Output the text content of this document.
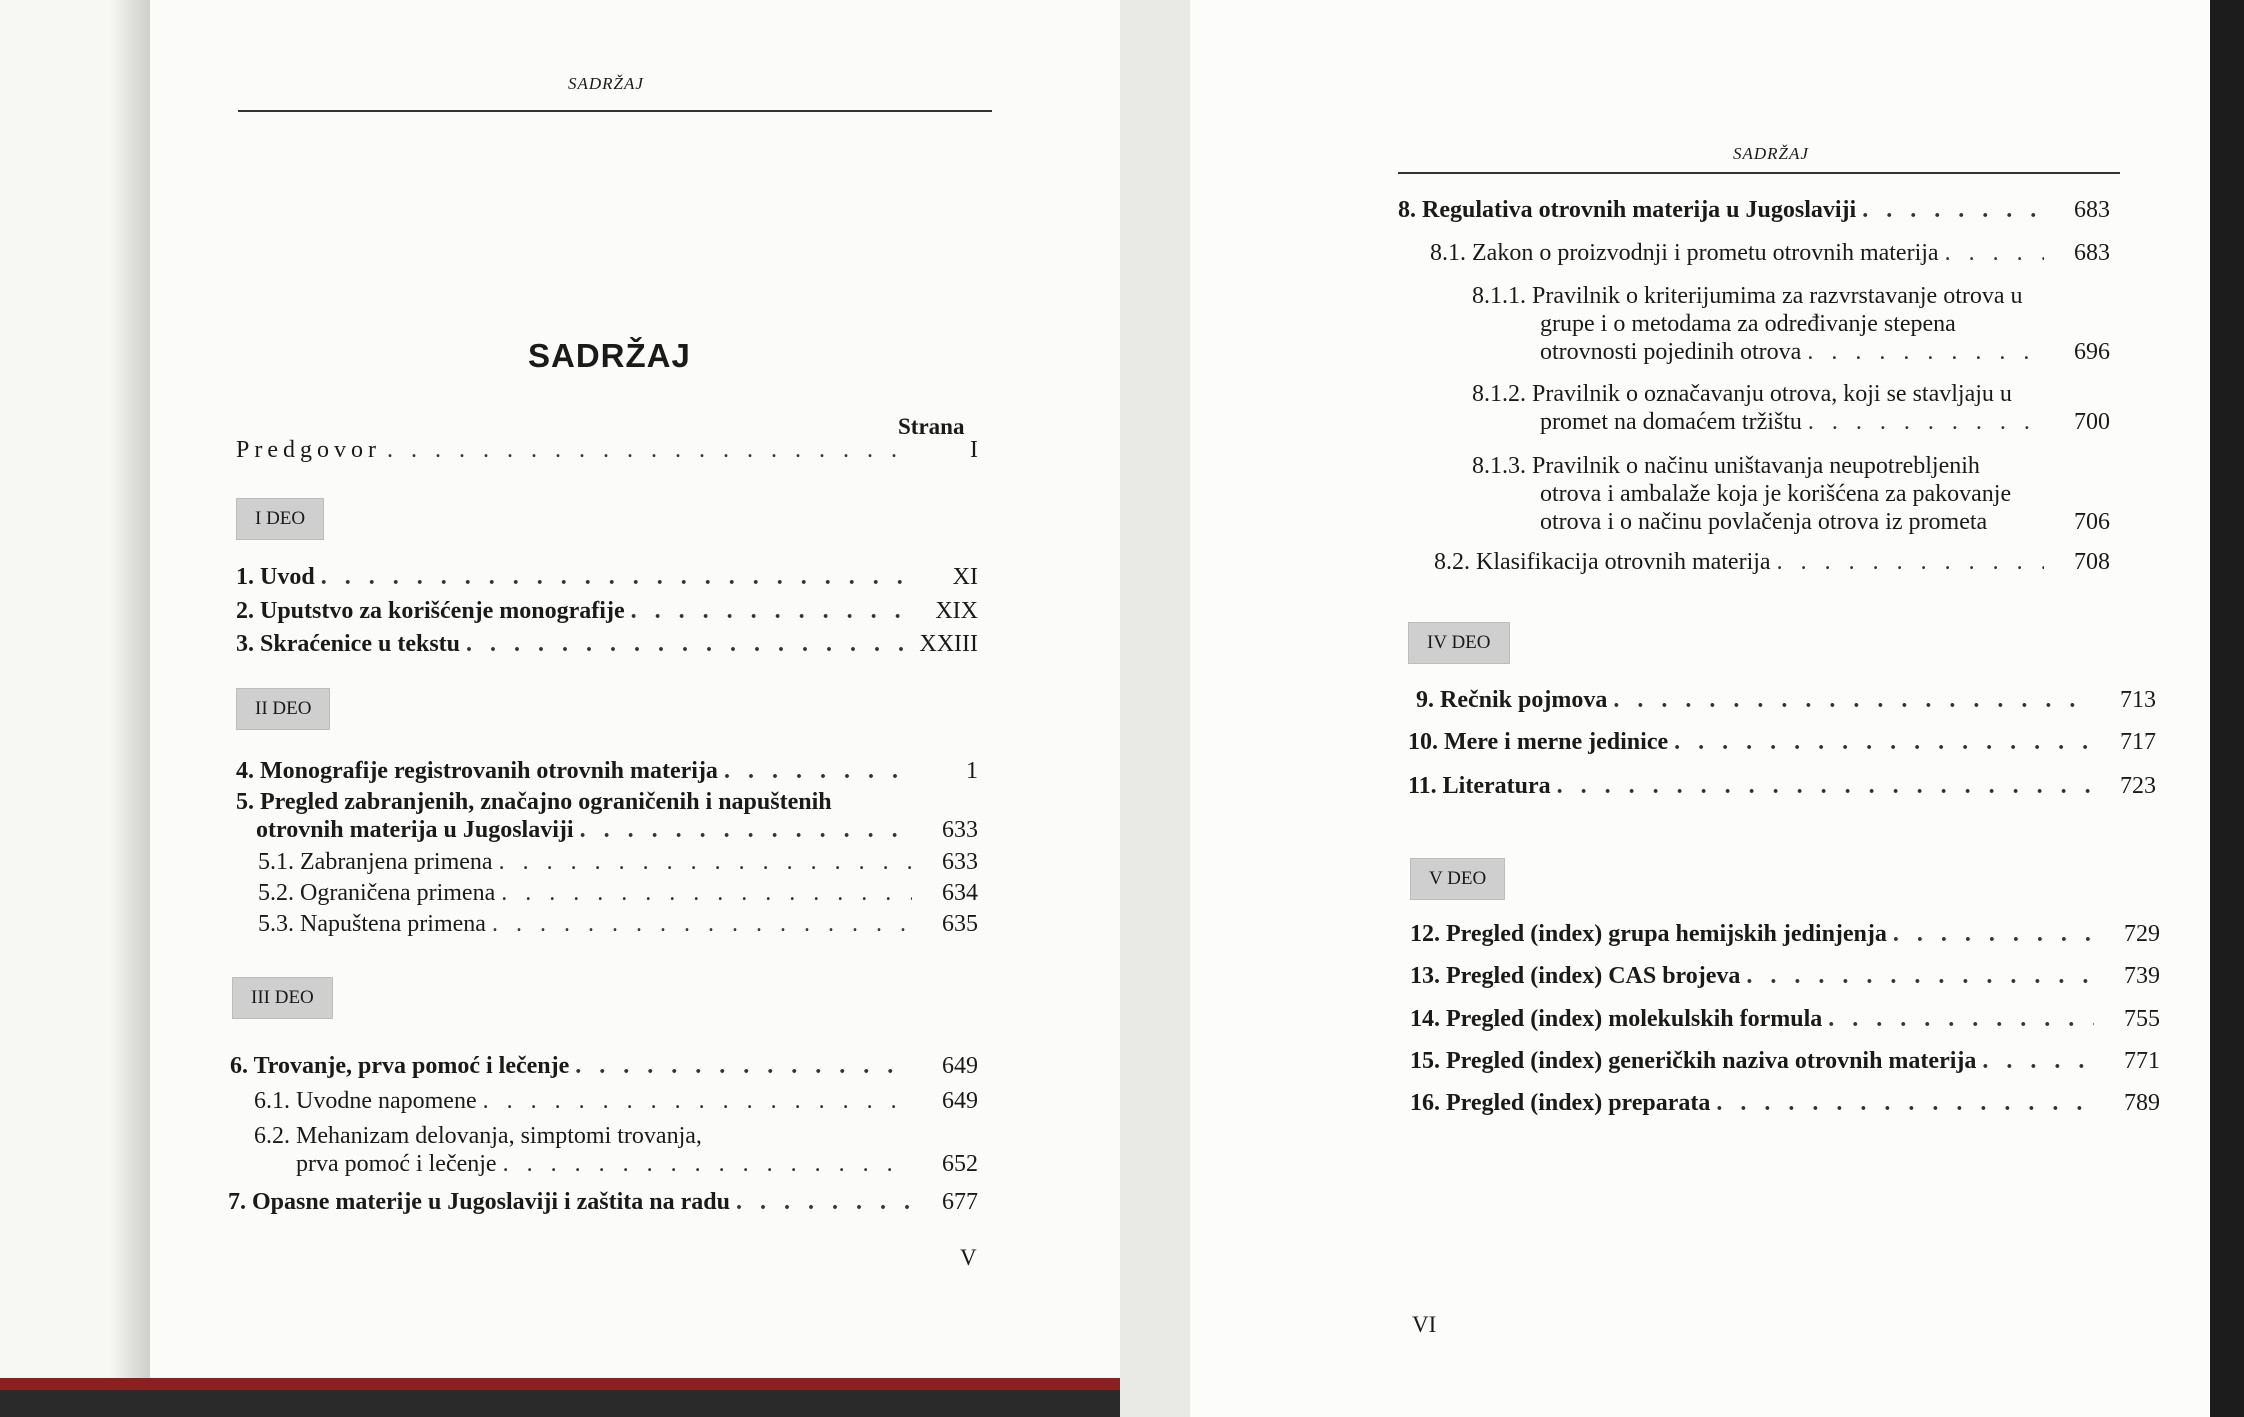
SADRŽAJ
SADRŽAJ
Strana
Predgovor . . .	I
I DEO
1. Uvod . . .	XI
2. Uputstvo za korišćenje monografije . . .	XIX
3. Skraćenice u tekstu . . .	XXIII
II DEO
4. Monografije registrovanih otrovnih materija . . .	1
5. Pregled zabranjenih, značajno ograničenih i napuštenih
otrovnih materija u Jugoslaviji . . .	633
5.1. Zabranjena primena . . .	633
5.2. Ograničena primena . . .	634
5.3. Napuštena primena . . .	635
III DEO
6. Trovanje, prva pomoć i lečenje . . .	649
6.1. Uvodne napomene . . .	649
6.2. Mehanizam delovanja, simptomi trovanja,
prva pomoć i lečenje . . .	652
7. Opasne materije u Jugoslaviji i zaštita na radu . . .	677
V
SADRŽAJ
8. Regulativa otrovnih materija u Jugoslaviji . . .	683
8.1. Zakon o proizvodnji i prometu otrovnih materija . . .	683
8.1.1. Pravilnik o kriterijumima za razvrstavanje otrova u
grupe i o metodama za određivanje stepena
otrovnosti pojedinih otrova . . .	696
8.1.2. Pravilnik o označavanju otrova, koji se stavljaju u
promet na domaćem tržištu . . .	700
8.1.3. Pravilnik o načinu uništavanja neupotrebljenih
otrova i ambalaže koja je korišćena za pakovanje
otrova i o načinu povlačenja otrova iz prometa	706
8.2. Klasifikacija otrovnih materija . . .	708
IV DEO
9. Rečnik pojmova . . .	713
10. Mere i merne jedinice . . .	717
11. Literatura . . .	723
V DEO
12. Pregled (index) grupa hemijskih jedinjenja . . .	729
13. Pregled (index) CAS brojeva . . .	739
14. Pregled (index) molekulskih formula . . .	755
15. Pregled (index) generičkih naziva otrovnih materija . . .	771
16. Pregled (index) preparata . . .	789
VI
